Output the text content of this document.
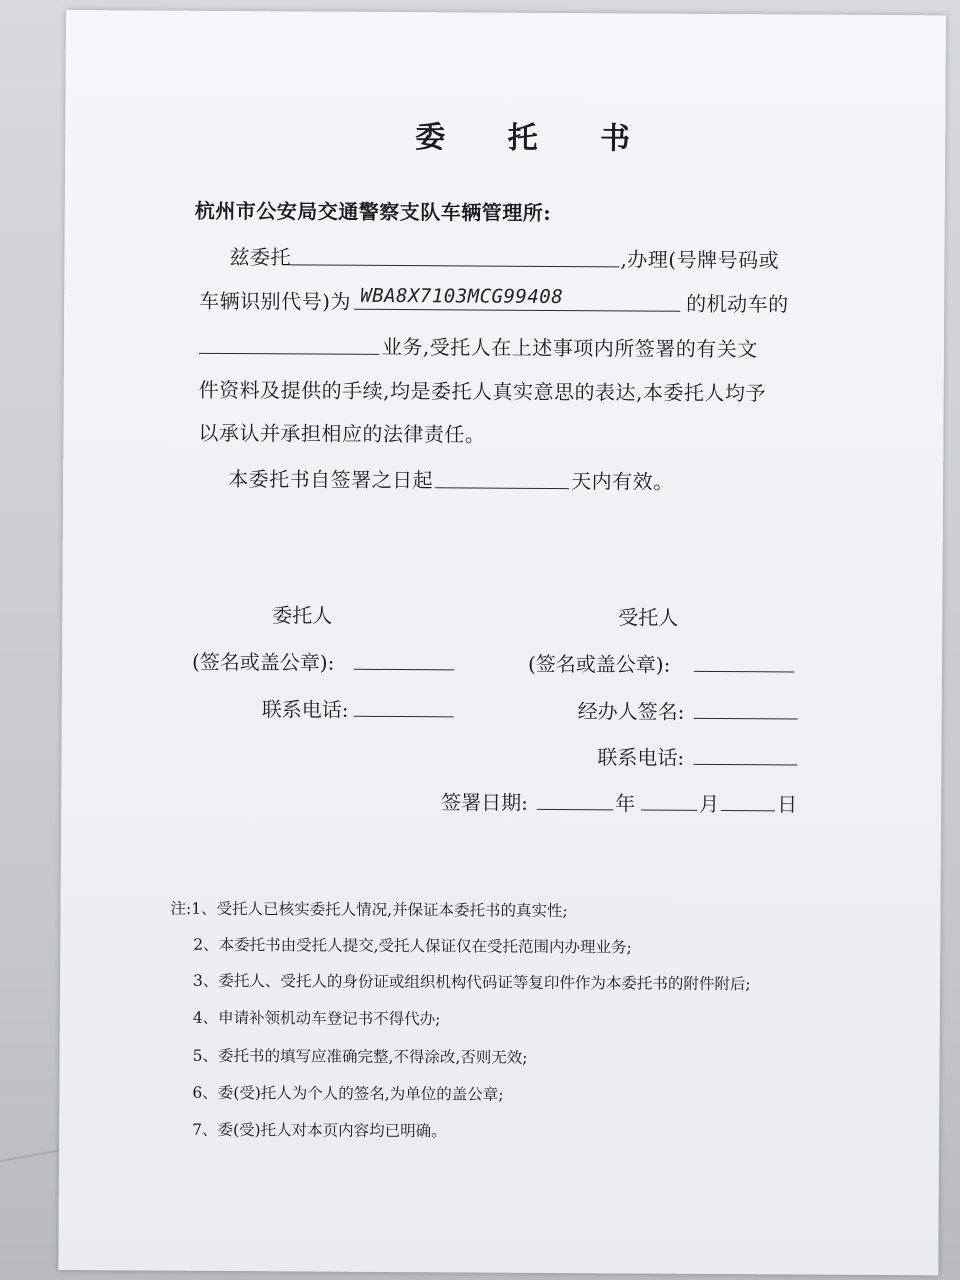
委 托 书
杭州市公安局交通警察支队车辆管理所:
兹委托	,办理(号牌号码或
车辆识别代号)为 WBA8X7103MCG99408	的机动车的
业务,受托人在上述事项内所签署的有关文
件资料及提供的手续,均是委托人真实意思的表达,本委托人均予
以承认并承担相应的法律责任。
本委托书自签署之日起	天内有效。
委托人
(签名或盖公章):
联系电话:
受托人
(签名或盖公章):
经办人签名:
联系电话:
签署日期:	年	月	日
注:1、受托人已核实委托人情况,并保证本委托书的真实性;
2、本委托书由受托人提交,受托人保证仅在受托范围内办理业务;
3、委托人、受托人的身份证或组织机构代码证等复印件作为本委托书的附件附后;
4、申请补领机动车登记书不得代办;
5、委托书的填写应准确完整,不得涂改,否则无效;
6、委(受)托人为个人的签名,为单位的盖公章;
7、委(受)托人对本页内容均已明确。
